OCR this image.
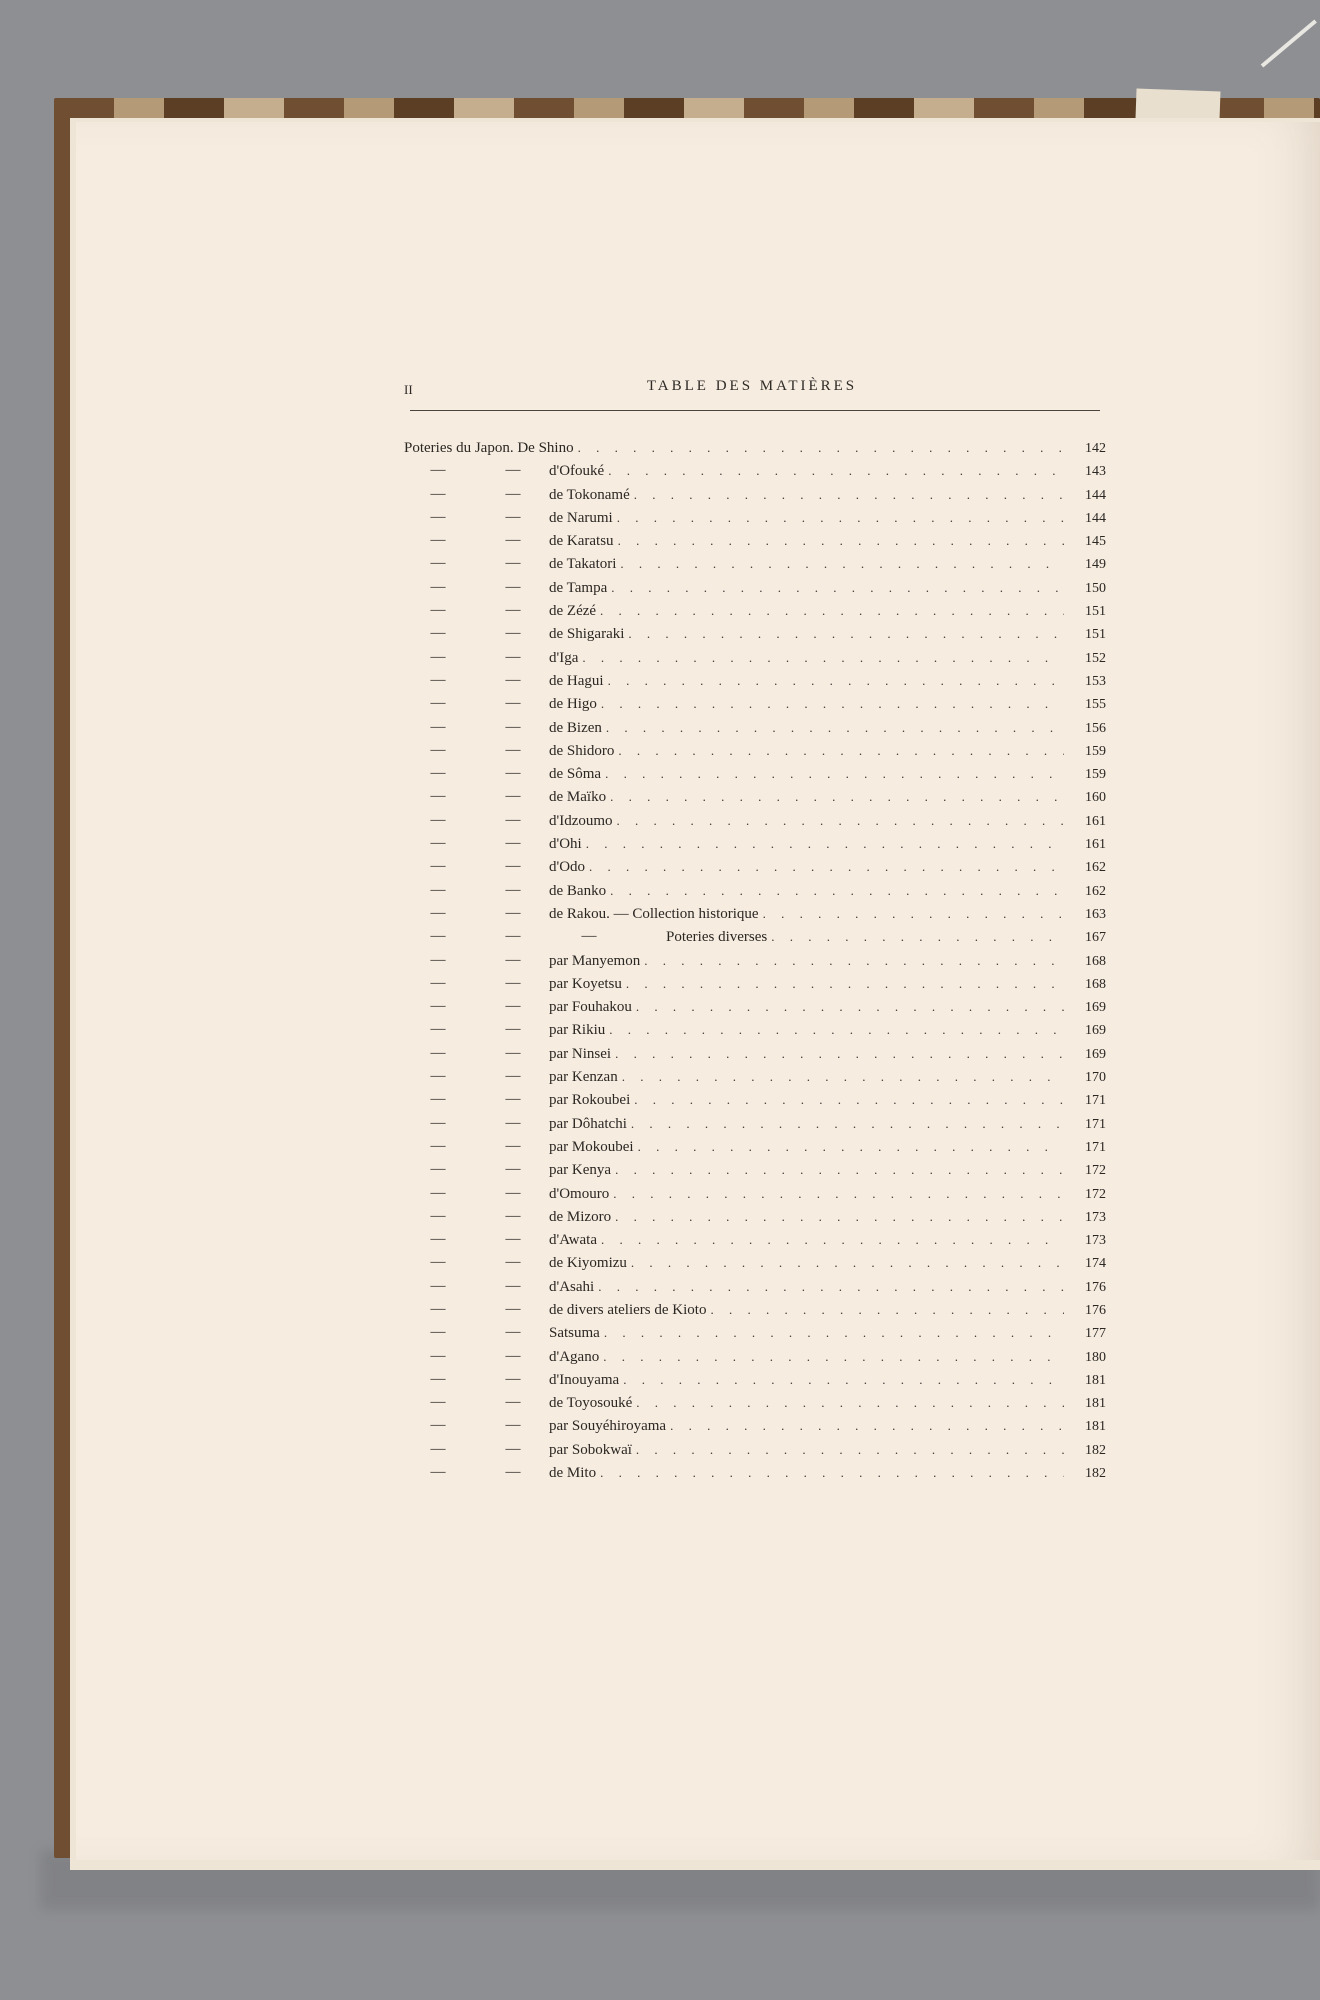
II	TABLE DES MATIÈRES
Poteries du Japon. De Shino . . .	142
—	— d'Ofouké . . .	143
—	— de Tokonamé . . .	144
—	— de Narumi . . .	144
—	— de Karatsu . . .	145
—	— de Takatori . . .	149
—	— de Tampa . . .	150
—	— de Zézé . . .	151
—	— de Shigaraki . . .	151
—	— d'Iga . . .	152
—	— de Hagui . . .	153
—	— de Higo . . .	155
—	— de Bizen . . .	156
—	— de Shidoro . . .	159
—	— de Sôma . . .	159
—	— de Maïko . . .	160
—	— d'Idzoumo . . .	161
—	— d'Ohi . . .	161
—	— d'Odo . . .	162
—	— de Banko . . .	162
—	— de Rakou. — Collection historique . . .	163
—	—	—	Poteries diverses . . .	167
—	— par Manyemon . . .	168
—	— par Koyetsu . . .	168
—	— par Fouhakou . . .	169
—	— par Rikiu . . .	169
—	— par Ninsei . . .	169
—	— par Kenzan . . .	170
—	— par Rokoubei . . .	171
—	— par Dôhatchi . . .	171
—	— par Mokoubei . . .	171
—	— par Kenya . . .	172
—	— d'Omouro . . .	172
—	— de Mizoro . . .	173
—	— d'Awata . . .	173
—	— de Kiyomizu . . .	174
—	— d'Asahi . . .	176
—	— de divers ateliers de Kioto . . .	176
—	— Satsuma . . .	177
—	— d'Agano . . .	180
—	— d'Inouyama . . .	181
—	— de Toyosouké . . .	181
—	— par Souyéhiroyama . . .	181
—	— par Sobokwaï . . .	182
—	— de Mito . . .	182
